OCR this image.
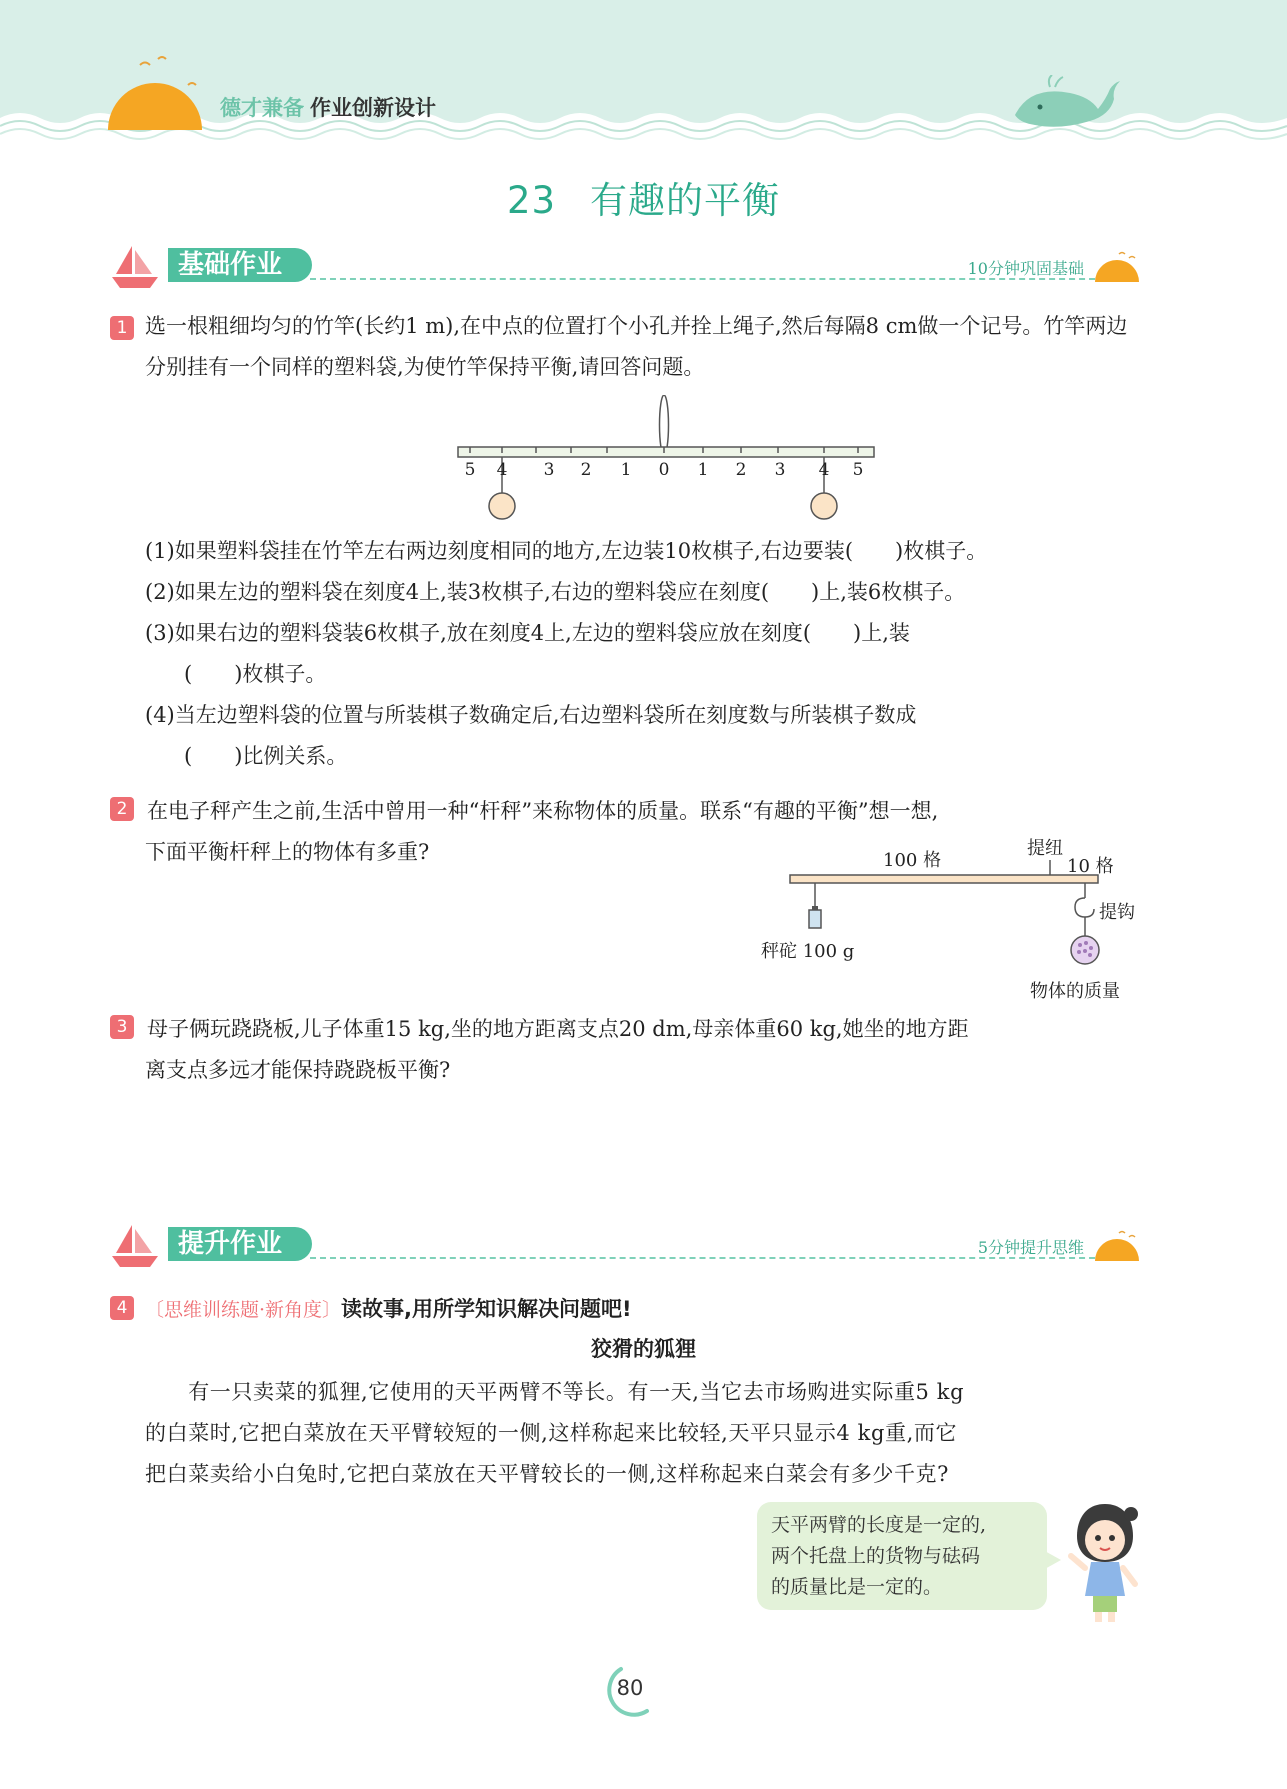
德才兼备 作业创新设计
23 有趣的平衡
基础作业	10分钟巩固基础
1 选一根粗细均匀的竹竿(长约1 m),在中点的位置打个小孔并拴上绳子,然后每隔8 cm做一个记号。竹竿两边分别挂有一个同样的塑料袋,为使竹竿保持平衡,请回答问题。
5 4 3 2 1 0 1 2 3 4 5
(1)如果塑料袋挂在竹竿左右两边刻度相同的地方,左边装10枚棋子,右边要装(　　)枚棋子。
(2)如果左边的塑料袋在刻度4上,装3枚棋子,右边的塑料袋应在刻度(　　)上,装6枚棋子。
(3)如果右边的塑料袋装6枚棋子,放在刻度4上,左边的塑料袋应放在刻度(　　)上,装
(　　)枚棋子。
(4)当左边塑料袋的位置与所装棋子数确定后,右边塑料袋所在刻度数与所装棋子数成
(　　)比例关系。
2 在电子秤产生之前,生活中曾用一种“杆秤”来称物体的质量。联系“有趣的平衡”想一想,
下面平衡杆秤上的物体有多重?	100 格
提纽
10 格
提钩
秤砣 100 g
物体的质量
3 母子俩玩跷跷板,儿子体重15 kg,坐的地方距离支点20 dm,母亲体重60 kg,她坐的地方距
离支点多远才能保持跷跷板平衡?
提升作业	5分钟提升思维
4 〔思维训练题·新角度〕读故事,用所学知识解决问题吧!
狡猾的狐狸
　　有一只卖菜的狐狸,它使用的天平两臂不等长。有一天,当它去市场购进实际重5 kg
的白菜时,它把白菜放在天平臂较短的一侧,这样称起来比较轻,天平只显示4 kg重,而它
把白菜卖给小白兔时,它把白菜放在天平臂较长的一侧,这样称起来白菜会有多少千克?
天平两臂的长度是一定的,
两个托盘上的货物与砝码
的质量比是一定的。
80
